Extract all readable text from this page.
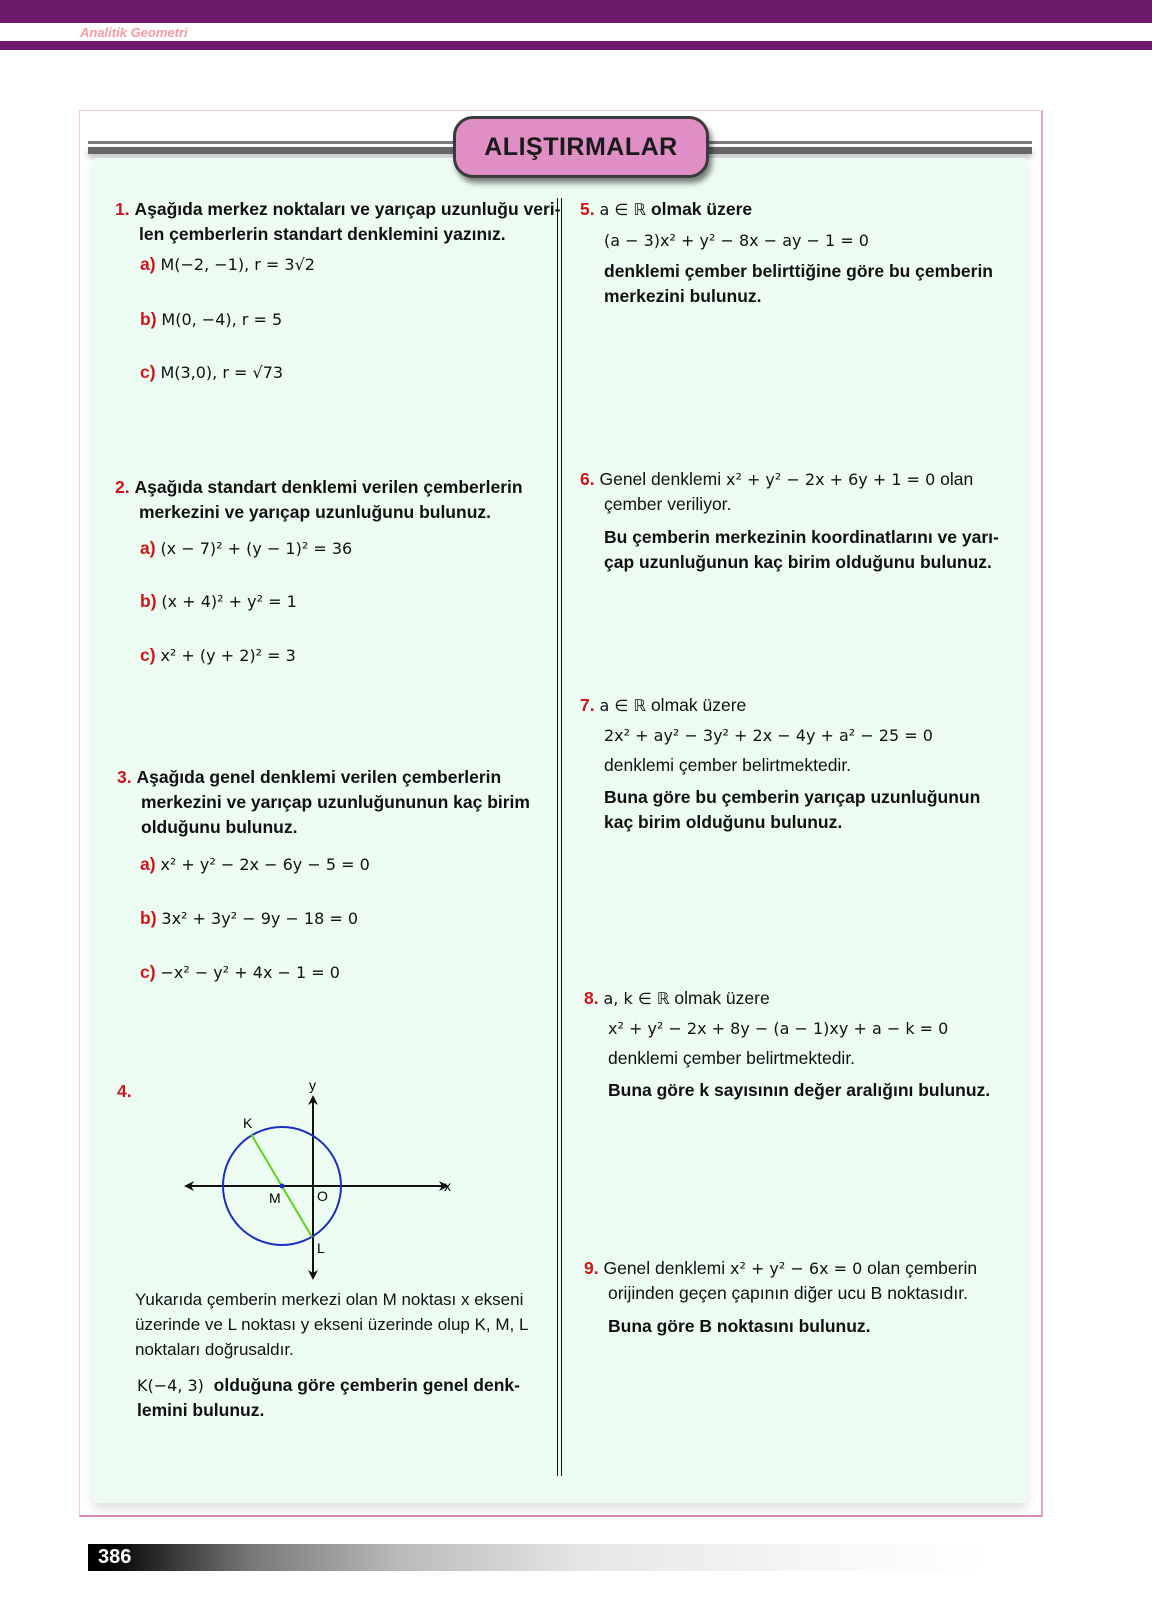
Analitik Geometri
ALIŞTIRMALAR
1. Aşağıda merkez noktaları ve yarıçap uzunluğu veri-
len çemberlerin standart denklemini yazınız.
a) M(−2, −1), r = 3√2
b) M(0, −4), r = 5
c) M(3,0), r = √73
2. Aşağıda standart denklemi verilen çemberlerin
merkezini ve yarıçap uzunluğunu bulunuz.
a) (x − 7)² + (y − 1)² = 36
b) (x + 4)² + y² = 1
c) x² + (y + 2)² = 3
3. Aşağıda genel denklemi verilen çemberlerin
merkezini ve yarıçap uzunluğununun kaç birim
olduğunu bulunuz.
a) x² + y² − 2x − 6y − 5 = 0
b) 3x² + 3y² − 9y − 18 = 0
c) −x² − y² + 4x − 1 = 0
4.	y
x
K
M	O
L
Yukarıda çemberin merkezi olan M noktası x ekseni
üzerinde ve L noktası y ekseni üzerinde olup K, M, L
noktaları doğrusaldır.
K(−4, 3) olduğuna göre çemberin genel denk-
lemini bulunuz.
5. a ∈ ℝ olmak üzere
(a − 3)x² + y² − 8x − ay − 1 = 0
denklemi çember belirttiğine göre bu çemberin
merkezini bulunuz.
6. Genel denklemi x² + y² − 2x + 6y + 1 = 0 olan
çember veriliyor.
Bu çemberin merkezinin koordinatlarını ve yarı-
çap uzunluğunun kaç birim olduğunu bulunuz.
7. a ∈ ℝ olmak üzere
2x² + ay² − 3y² + 2x − 4y + a² − 25 = 0
denklemi çember belirtmektedir.
Buna göre bu çemberin yarıçap uzunluğunun
kaç birim olduğunu bulunuz.
8. a, k ∈ ℝ olmak üzere
x² + y² − 2x + 8y − (a − 1)xy + a − k = 0
denklemi çember belirtmektedir.
Buna göre k sayısının değer aralığını bulunuz.
9. Genel denklemi x² + y² − 6x = 0 olan çemberin
orijinden geçen çapının diğer ucu B noktasıdır.
Buna göre B noktasını bulunuz.
386
